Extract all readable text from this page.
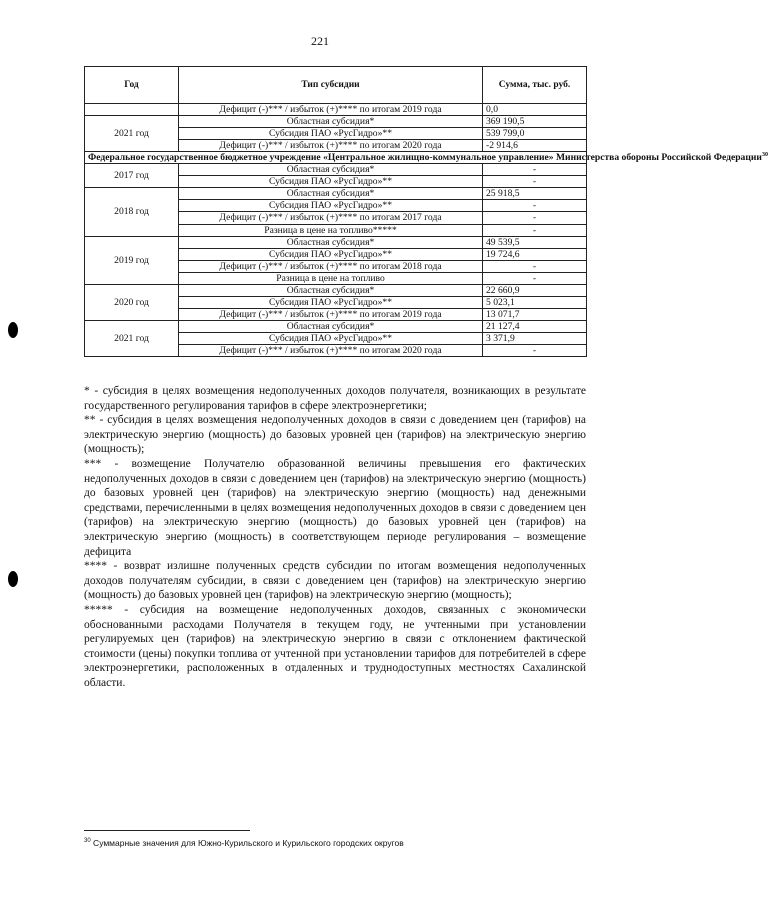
221
Год	Тип субсидии	Сумма, тыс. руб.
	Дефицит (-)*** / избыток (+)**** по итогам 2019 года	0,0
2021 год	Областная субсидия*	369 190,5
	Субсидия ПАО «РусГидро»**	539 799,0
	Дефицит (-)*** / избыток (+)**** по итогам 2020 года	-2 914,6
Федеральное государственное бюджетное учреждение «Центральное жилищно-коммунальное управление» Министерства обороны Российской Федерации$^{30}$
2017 год	Областная субсидия*	-
	Субсидия ПАО «РусГидро»**	-
2018 год	Областная субсидия*	25 918,5
	Субсидия ПАО «РусГидро»**	-
	Дефицит (-)*** / избыток (+)**** по итогам 2017 года	-
	Разница в цене на топливо*****	-
2019 год	Областная субсидия*	49 539,5
	Субсидия ПАО «РусГидро»**	19 724,6
	Дефицит (-)*** / избыток (+)**** по итогам 2018 года	-
	Разница в цене на топливо	-
2020 год	Областная субсидия*	22 660,9
	Субсидия ПАО «РусГидро»**	5 023,1
	Дефицит (-)*** / избыток (+)**** по итогам 2019 года	13 071,7
2021 год	Областная субсидия*	21 127,4
	Субсидия ПАО «РусГидро»**	3 371,9
	Дефицит (-)*** / избыток (+)**** по итогам 2020 года	-

* - субсидия в целях возмещения недополученных доходов получателя, возникающих в результате государственного регулирования тарифов в сфере электроэнергетики;

** - субсидия в целях возмещения недополученных доходов в связи с доведением цен (тарифов) на электрическую энергию (мощность) до базовых уровней цен (тарифов) на электрическую энергию (мощность);

*** - возмещение Получателю образованной величины превышения его фактических недополученных доходов в связи с доведением цен (тарифов) на электрическую энергию (мощность) до базовых уровней цен (тарифов) на электрическую энергию (мощность) над денежными средствами, перечисленными в целях возмещения недополученных доходов в связи с доведением цен (тарифов) на электрическую энергию (мощность) до базовых уровней цен (тарифов) на электрическую энергию (мощность) в соответствующем периоде регулирования – возмещение дефицита

**** - возврат излишне полученных средств субсидии по итогам возмещения недополученных доходов получателям субсидии, в связи с доведением цен (тарифов) на электрическую энергию (мощность) до базовых уровней цен (тарифов) на электрическую энергию (мощность);

***** - субсидия на возмещение недополученных доходов, связанных с экономически обоснованными расходами Получателя в текущем году, не учтенными при установлении регулируемых цен (тарифов) на электрическую энергию в связи с отклонением фактической стоимости (цены) покупки топлива от учтенной при установлении тарифов для потребителей в сфере электроэнергетики, расположенных в отдаленных и труднодоступных местностях Сахалинской области.

$^{30}$ Суммарные значения для Южно-Курильского и Курильского городских округов
